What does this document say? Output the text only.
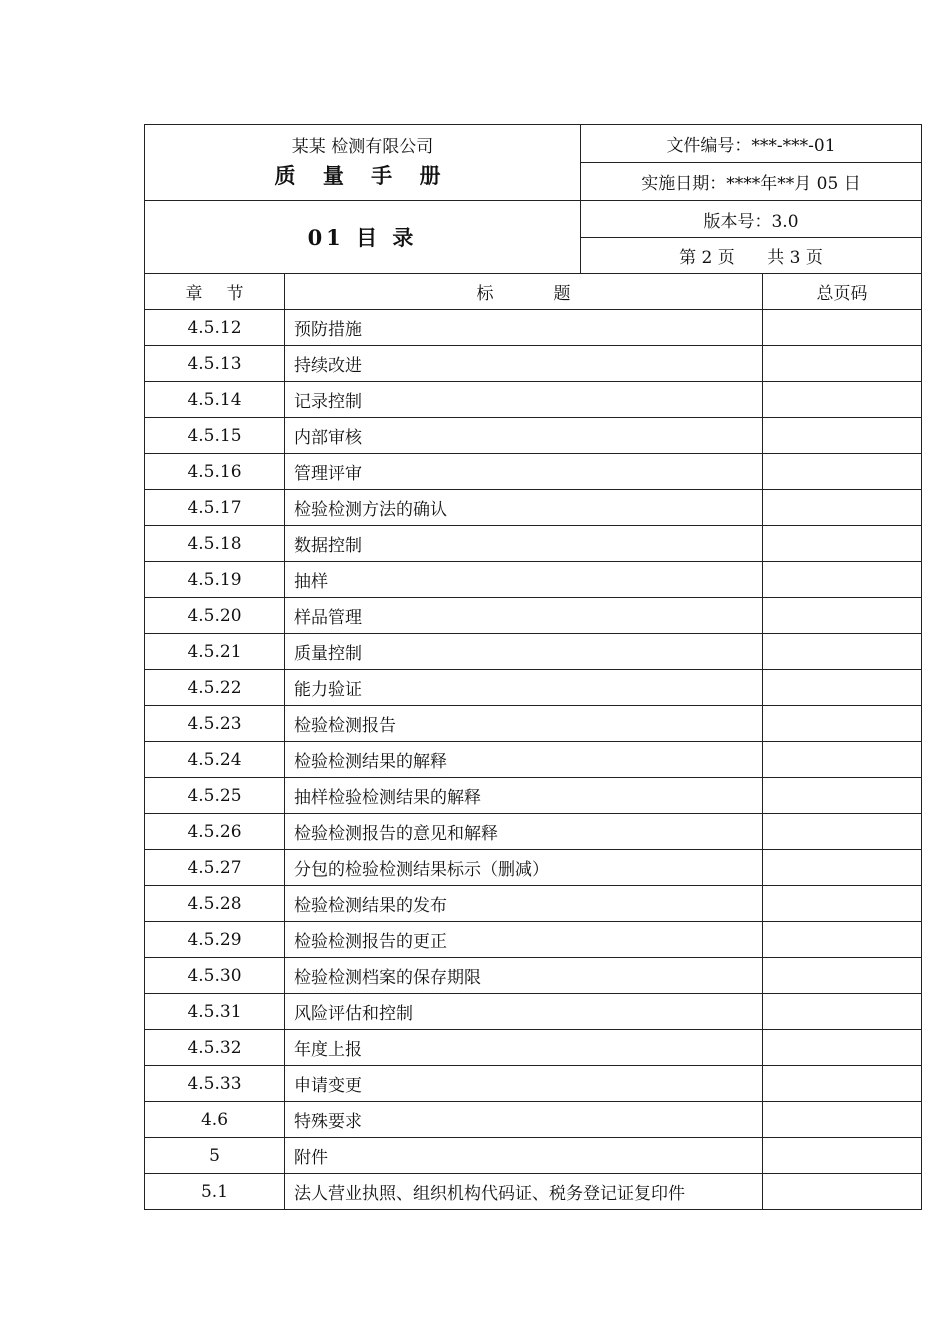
某某 检测有限公司
质 量 手 册	文件编号：***-***-01
	实施日期：****年**月 05 日
01 目 录	版本号：3.0
	第 2 页      共 3 页
章节	标题	总页码
4.5.12	预防措施	
4.5.13	持续改进	
4.5.14	记录控制	
4.5.15	内部审核	
4.5.16	管理评审	
4.5.17	检验检测方法的确认	
4.5.18	数据控制	
4.5.19	抽样	
4.5.20	样品管理	
4.5.21	质量控制	
4.5.22	能力验证	
4.5.23	检验检测报告	
4.5.24	检验检测结果的解释	
4.5.25	抽样检验检测结果的解释	
4.5.26	检验检测报告的意见和解释	
4.5.27	分包的检验检测结果标示（删减）	
4.5.28	检验检测结果的发布	
4.5.29	检验检测报告的更正	
4.5.30	检验检测档案的保存期限	
4.5.31	风险评估和控制	
4.5.32	年度上报	
4.5.33	申请变更	
4.6	特殊要求	
5	附件	
5.1	法人营业执照、组织机构代码证、税务登记证复印件	
